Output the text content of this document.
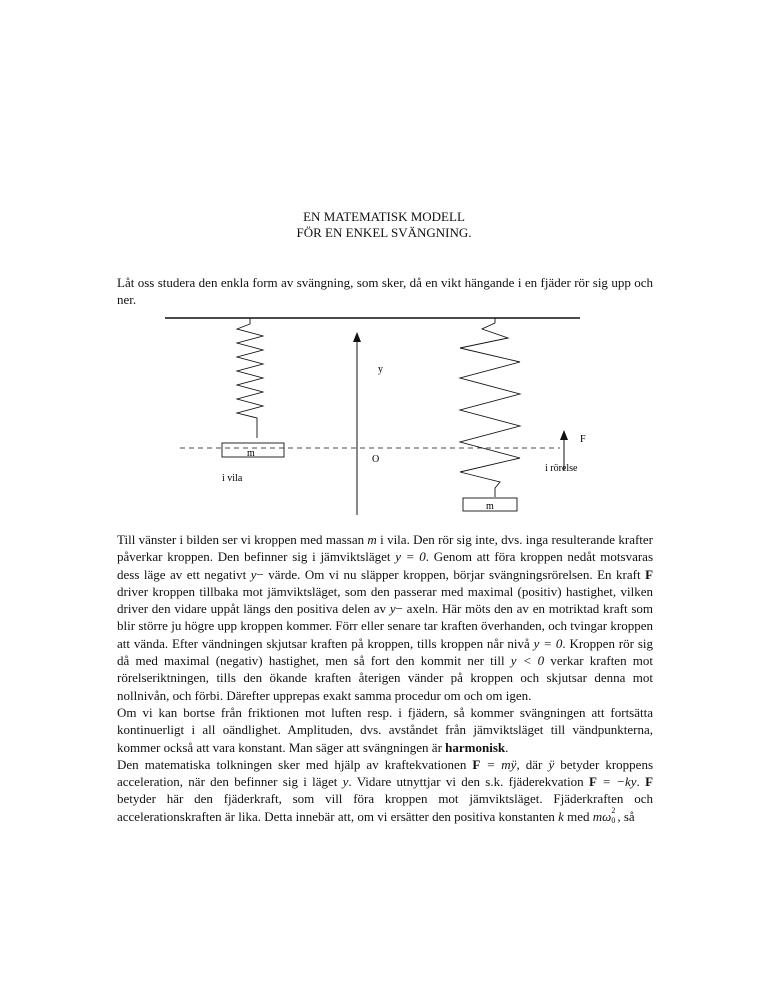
EN MATEMATISK MODELL
FÖR EN ENKEL SVÄNGNING.
Låt oss studera den enkla form av svängning, som sker, då en vikt hängande i en fjäder rör sig upp och ner.
m
y
O
m
F
i vila
i rörelse

Till vänster i bilden ser vi kroppen med massan m i vila. Den rör sig inte, dvs. inga resulterande krafter påverkar kroppen. Den befinner sig i jämviktsläget y = 0. Genom att föra kroppen nedåt motsvaras dess läge av ett negativt y− värde. Om vi nu släpper kroppen, börjar svängningsrörelsen. En kraft F driver kroppen tillbaka mot jämviktsläget, som den passerar med maximal (positiv) hastighet, vilken driver den vidare uppåt längs den positiva delen av y− axeln. Här möts den av en motriktad kraft som blir större ju högre upp kroppen kommer. Förr eller senare tar kraften överhanden, och tvingar kroppen att vända. Efter vändningen skjutsar kraften på kroppen, tills kroppen når nivå y = 0. Kroppen rör sig då med maximal (negativ) hastighet, men så fort den kommit ner till y < 0 verkar kraften mot rörelseriktningen, tills den ökande kraften återigen vänder på kroppen och skjutsar denna mot nollnivån, och förbi. Därefter upprepas exakt samma procedur om och om igen.

Om vi kan bortse från friktionen mot luften resp. i fjädern, så kommer svängningen att fortsätta kontinuerligt i all oändlighet. Amplituden, dvs. avståndet från jämviktsläget till vändpunkterna, kommer också att vara konstant. Man säger att svängningen är harmonisk.

Den matematiska tolkningen sker med hjälp av kraftekvationen F = mÿ, där ÿ betyder kroppens acceleration, när den befinner sig i läget y. Vidare utnyttjar vi den s.k. fjäderekvation F = −ky. F betyder här den fjäderkraft, som vill föra kroppen mot jämviktsläget. Fjäderkraften och accelerationskraften är lika. Detta innebär att, om vi ersätter den positiva konstanten k med mω 2
0 , så
